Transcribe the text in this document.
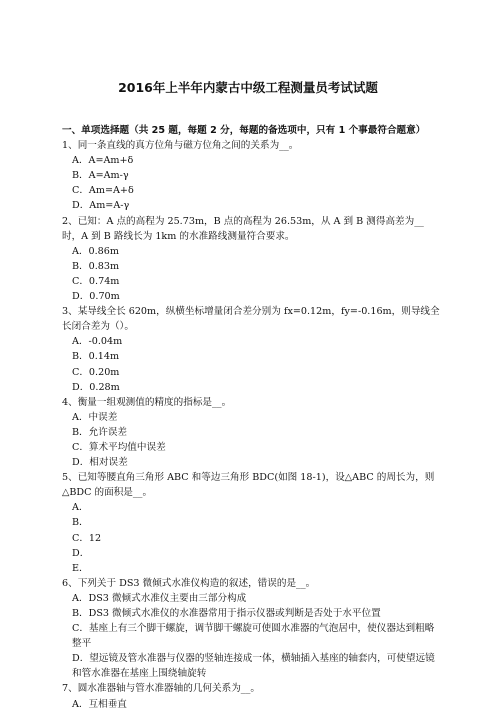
2016年上半年内蒙古中级工程测量员考试试题
一、单项选择题（共 25 题，每题 2 分，每题的备选项中，只有 1 个事最符合题意）
1、同一条直线的真方位角与磁方位角之间的关系为__。
A．A=Am+δ
B．A=Am-γ
C．Am=A+δ
D．Am=A-γ
2、已知：A 点的高程为 25.73m，B 点的高程为 26.53m，从 A 到 B 测得高差为__时，A 到 B 路线长为 1km 的水准路线测量符合要求。
A．0.86m
B．0.83m
C．0.74m
D．0.70m
3、某导线全长 620m，纵横坐标增量闭合差分别为 fx=0.12m，fy=-0.16m，则导线全长闭合差为（）。
A．-0.04m
B．0.14m
C．0.20m
D．0.28m
4、衡量一组观测值的精度的指标是__。
A．中误差
B．允许误差
C．算术平均值中误差
D．相对误差
5、已知等腰直角三角形 ABC 和等边三角形 BDC(如图 18-1)，设△ABC 的周长为，则△BDC 的面积是__。
A．
B．
C．12
D．
E．
6、下列关于 DS3 微倾式水准仪构造的叙述，错误的是__。
A．DS3 微倾式水准仪主要由三部分构成
B．DS3 微倾式水准仪的水准器常用于指示仪器或判断是否处于水平位置
C．基座上有三个脚干螺旋，调节脚干螺旋可使圆水准器的气泡居中，使仪器达到粗略整平
D．望远镜及管水准器与仪器的竖轴连接成一体，横轴插入基座的轴套内，可使望远镜和管水准器在基座上围绕轴旋转
7、圆水准器轴与管水准器轴的几何关系为__。
A．互相垂直
